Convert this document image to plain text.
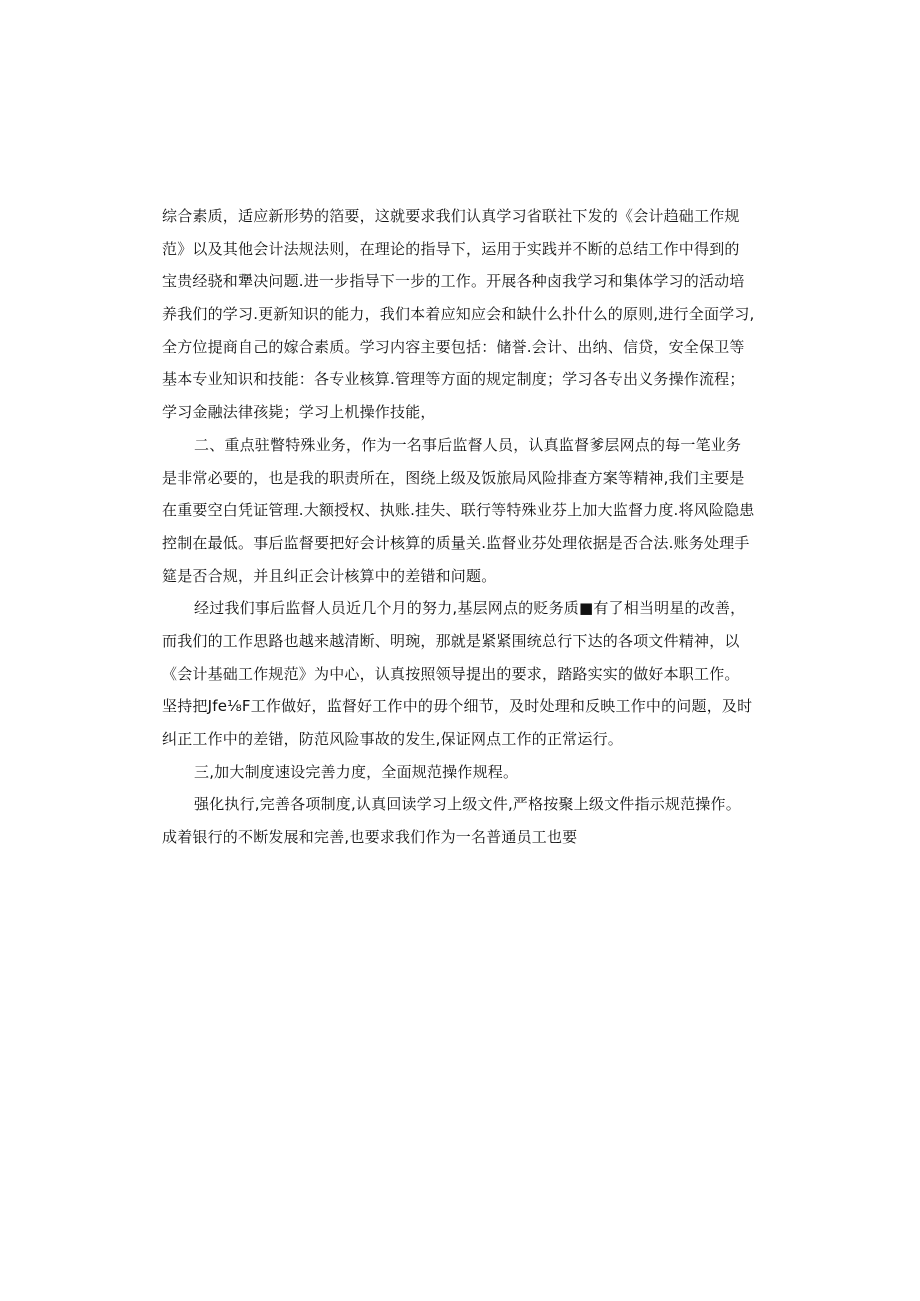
综合素质，适应新形势的箔要，这就要求我们认真学习省联社下发的《会计趋础工作规
范》以及其他会计法规法则，在理论的指导下，运用于实践并不断的总结工作中得到的
宝贵经骁和犟决问题.进一步指导下一步的工作。开展各种卤我学习和集体学习的活动培
养我们的学习.更新知识的能力，我们本着应知应会和缺什么扑什么的原则,进行全面学习,
全方位提商自己的嫁合素质。学习内容主要包括：储誉.会计、出纳、信贷，安全保卫等
基本专业知识和技能：各专业核算.管理等方面的规定制度；学习各专出义务操作流程；
学习金融法律孩毙；学习上机操作技能，
二、重点驻瞥特殊业务，作为一名事后监督人员，认真监督爹层网点的每一笔业务
是非常必要的，也是我的职责所在，图绕上级及饭旅局风险排查方案等精神,我们主要是
在重要空白凭证管理.大额授权、执账.挂失、联行等特殊业芬上加大监督力度.将风险隐患
控制在最低。事后监督要把好会计核算的质量关.监督业芬处理依据是否合法.账务处理手
筵是否合规，并且纠正会计核算中的差错和问题。
经过我们事后监督人员近几个月的努力,基层网点的贬务质■有了相当明星的改善，
而我们的工作思路也越来越清断、明琬，那就是紧紧围统总行下达的各项文件精神，以
《会计基础工作规范》为中心，认真按照领导提出的要求，踏路实实的做好本职工作。
坚持把Jfe⅛F工作做好，监督好工作中的毋个细节，及时处理和反映工作中的问题，及时
纠正工作中的差错，防范风险事故的发生,保证网点工作的正常运行。
三,加大制度速设完善力度，全面规范操作规程。
强化执行,完善各项制度,认真回读学习上级文件,严格按聚上级文件指示规范操作。
成着银行的不断发展和完善,也要求我们作为一名普通员工也要
